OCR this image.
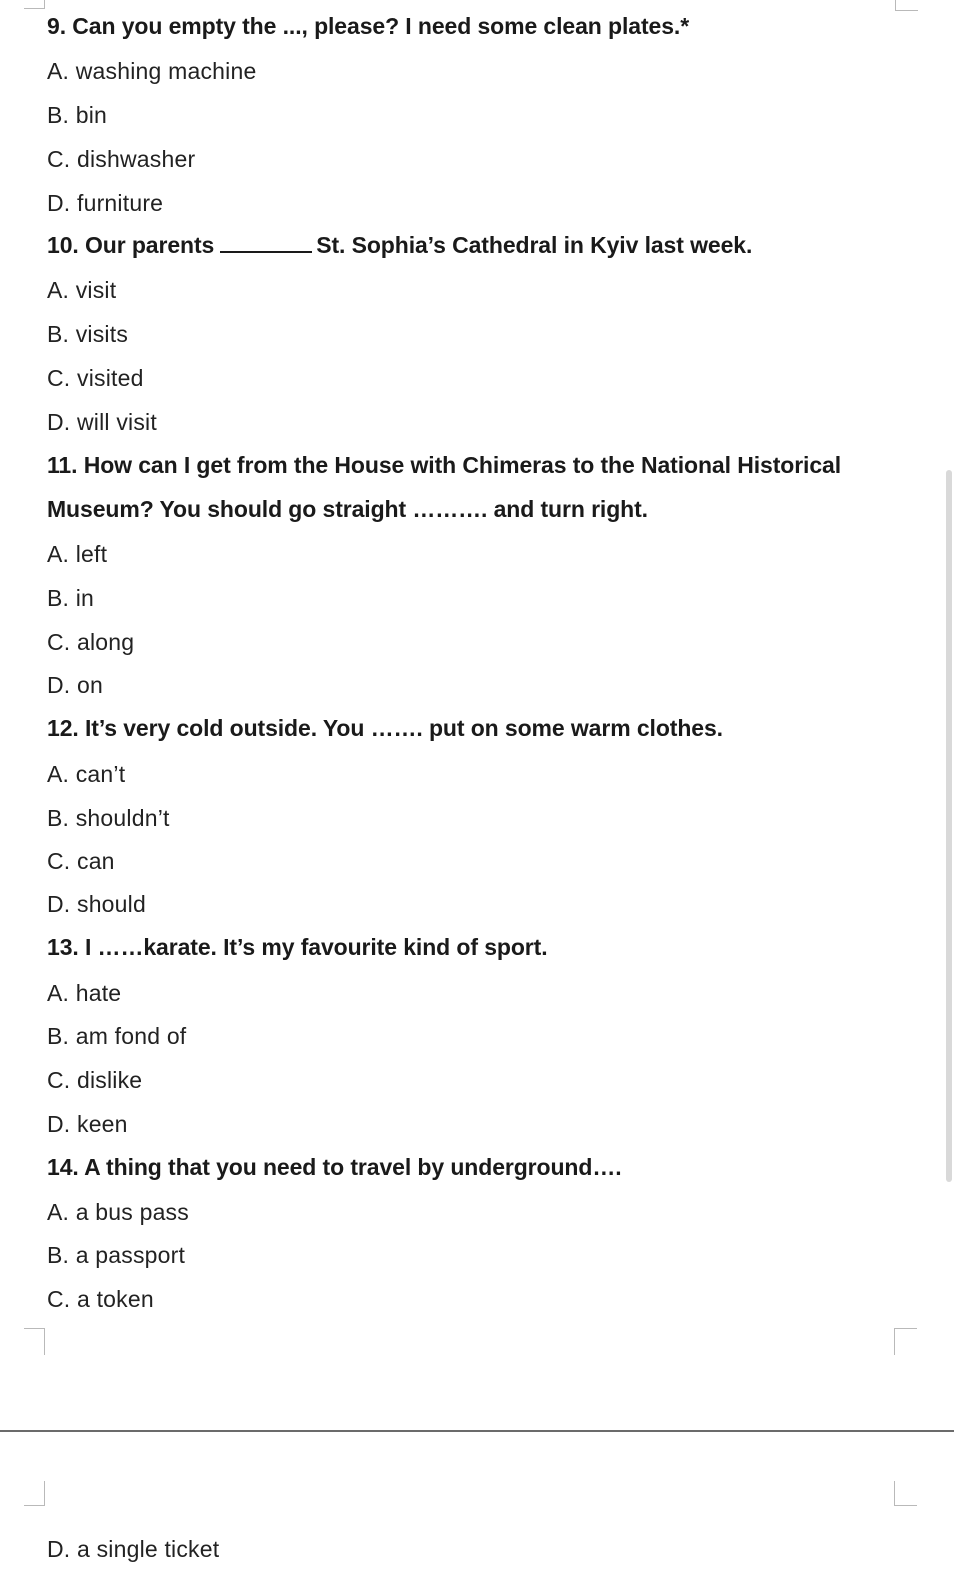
9. Can you empty the ..., please? I need some clean plates.*
A. washing machine
B. bin
C. dishwasher
D. furniture
10. Our parents	St. Sophia’s Cathedral in Kyiv last week.
A. visit
B. visits
C. visited
D. will visit
11. How can I get from the House with Chimeras to the National Historical
Museum? You should go straight ………. and turn right.
A. left
B. in
C. along
D. on
12. It’s very cold outside. You ……. put on some warm clothes.
A. can’t
B. shouldn’t
C. can
D. should
13. I ……karate. It’s my favourite kind of sport.
A. hate
B. am fond of
C. dislike
D. keen
14. A thing that you need to travel by underground….
A. a bus pass
B. a passport
C. a token
D. a single ticket
